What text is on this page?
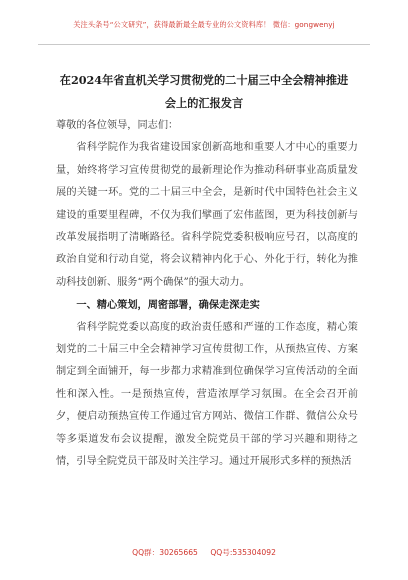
关注头条号“公文研究”，获得最新最全最专业的公文资料库！ 微信：gongwenyj
在2024年省直机关学习贯彻党的二十届三中全会精神推进
会上的汇报发言

尊敬的各位领导，同志们：

省科学院作为我省建设国家创新高地和重要人才中心的重要力量，始终将学习宣传贯彻党的最新理论作为推动科研事业高质量发展的关键一环。党的二十届三中全会，是新时代中国特色社会主义建设的重要里程碑，不仅为我们擘画了宏伟蓝图，更为科技创新与改革发展指明了清晰路径。省科学院党委积极响应号召，以高度的政治自觉和行动自觉，将会议精神内化于心、外化于行，转化为推动科技创新、服务“两个确保”的强大动力。

一、精心策划，周密部署，确保走深走实

省科学院党委以高度的政治责任感和严谨的工作态度，精心策划党的二十届三中全会精神学习宣传贯彻工作，从预热宣传、方案制定到全面铺开，每一步都力求精准到位确保学习宣传活动的全面性和深入性。一是预热宣传，营造浓厚学习氛围。在全会召开前夕，便启动预热宣传工作通过官方网站、微信工作群、微信公众号等多渠道发布会议提醒，激发全院党员干部的学习兴趣和期待之情，引导全院党员干部及时关注学习。通过开展形式多样的预热活

QQ群：30265665 QQ号:535304092
